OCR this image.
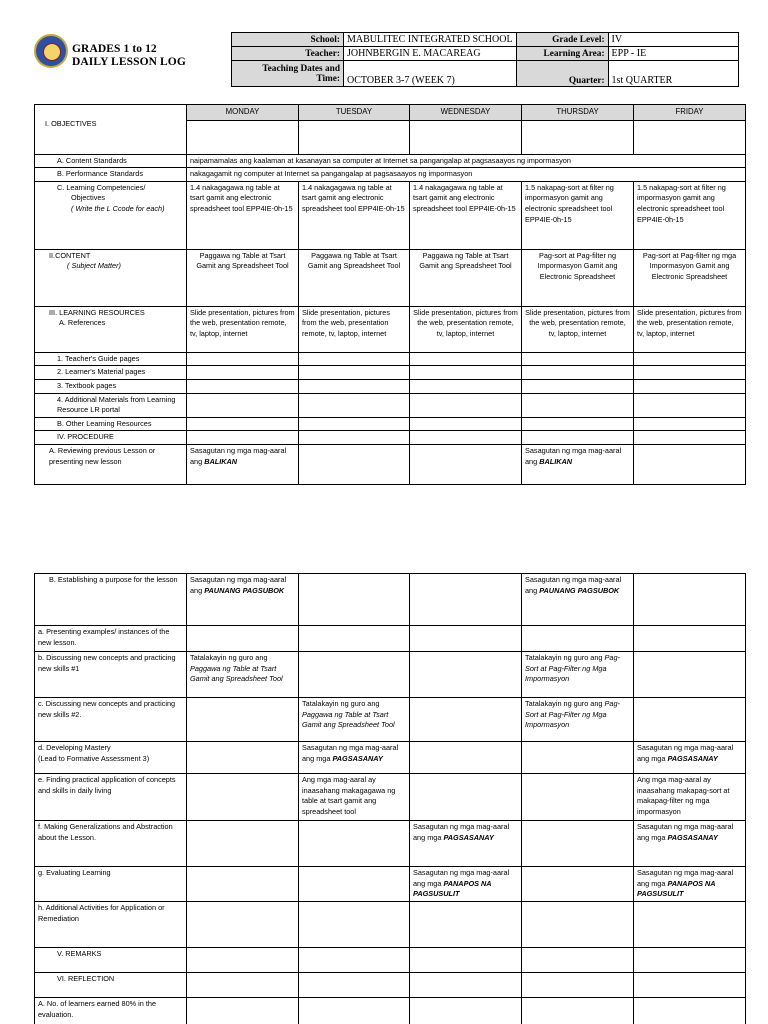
GRADES 1 to 12
DAILY LESSON LOG
School:	MABULITEC INTEGRATED SCHOOL	Grade Level:	IV
Teacher:	JOHNBERGIN E. MACAREAG	Learning Area:	EPP - IE

Teaching Dates and
Time:	OCTOBER 3-7 (WEEK 7)	Quarter:	1st QUARTER
I. OBJECTIVES	MONDAY	TUESDAY	WEDNESDAY	THURSDAY	FRIDAY

A. Content Standards	naipamamalas ang kaalaman at kasanayan sa computer at Internet sa pangangalap at pagsasaayos ng impormasyon				
B. Performance Standards	nakagagamit ng computer at Internet sa pangangalap at pagsasaayos ng impormasyon				

C. Learning Competencies/
Objectives
( Write the L Ccode for each)	1.4 nakagagawa ng table at tsart gamit ang electronic spreadsheet tool EPP4IE-0h-15	1.4 nakagagawa ng table at tsart gamit ang electronic spreadsheet tool EPP4IE-0h-15	1.4 nakagagawa ng table at tsart gamit ang electronic spreadsheet tool EPP4IE-0h-15	1.5 nakapag-sort at filter ng impormasyon gamit ang electronic spreadsheet tool EPP4IE-0h-15	1.5 nakapag-sort at filter ng impormasyon gamit ang electronic spreadsheet tool EPP4IE-0h-15

II.CONTENT
( Subject Matter)	Paggawa ng Table at Tsart Gamit ang Spreadsheet Tool	Paggawa ng Table at Tsart Gamit ang Spreadsheet Tool	Paggawa ng Table at Tsart Gamit ang Spreadsheet Tool	Pag-sort at Pag-filter ng Impormasyon Gamit ang Electronic Spreadsheet	Pag-sort at Pag-filter ng mga Impormasyon Gamit ang Electronic Spreadsheet

III. LEARNING RESOURCES
A. References	Slide presentation, pictures from the web, presentation remote, tv, laptop, internet	Slide presentation, pictures from the web, presentation remote, tv, laptop, internet	Slide presentation, pictures from the web, presentation remote, tv, laptop, internet	Slide presentation, pictures from the web, presentation remote, tv, laptop, internet	Slide presentation, pictures from the web, presentation remote, tv, laptop, internet
1. Teacher's Guide pages					
2. Learner's Material pages					
3. Textbook pages					
4. Additional Materials from Learning Resource LR portal					
B. Other Learning Resources					
IV. PROCEDURE					
A. Reviewing previous Lesson or presenting new lesson	Sasagutan ng mga mag-aaral ang BALIKAN			Sasagutan ng mga mag-aaral ang BALIKAN	
B. Establishing a purpose for the lesson	Sasagutan ng mga mag-aaral ang PAUNANG PAGSUBOK			Sasagutan ng mga mag-aaral ang PAUNANG PAGSUBOK	
a. Presenting examples/ instances of the new lesson.					
b. Discussing new concepts and practicing new skills #1	Tatalakayin ng guro ang Paggawa ng Table at Tsart Gamit ang Spreadsheet Tool			Tatalakayin ng guro ang Pag-Sort at Pag-Filter ng Mga Impormasyon	
c. Discussing new concepts and practicing new skills #2.		Tatalakayin ng guro ang Paggawa ng Table at Tsart Gamit ang Spreadsheet Tool		Tatalakayin ng guro ang Pag-Sort at Pag-Filter ng Mga Impormasyon	

d. Developing Mastery
(Lead to Formative Assessment 3)		Sasagutan ng mga mag-aaral ang mga PAGSASANAY			Sasagutan ng mga mag-aaral ang mga PAGSASANAY
e. Finding practical application of concepts and skills in daily living		Ang mga mag-aaral ay inaasahang makagagawa ng table at tsart gamit ang spreadsheet tool			Ang mga mag-aaral ay inaasahang makapag-sort at makapag-filter ng mga impormasyon
f. Making Generalizations and Abstraction about the Lesson.			Sasagutan ng mga mag-aaral ang mga PAGSASANAY		Sasagutan ng mga mag-aaral ang mga PAGSASANAY
g. Evaluating Learning			Sasagutan ng mga mag-aaral ang mga PANAPOS NA PAGSUSULIT		Sasagutan ng mga mag-aaral ang mga PANAPOS NA PAGSUSULIT
h. Additional Activities for Application or Remediation					
V. REMARKS					
VI. REFLECTION					
A. No. of learners earned 80% in the evaluation.					
